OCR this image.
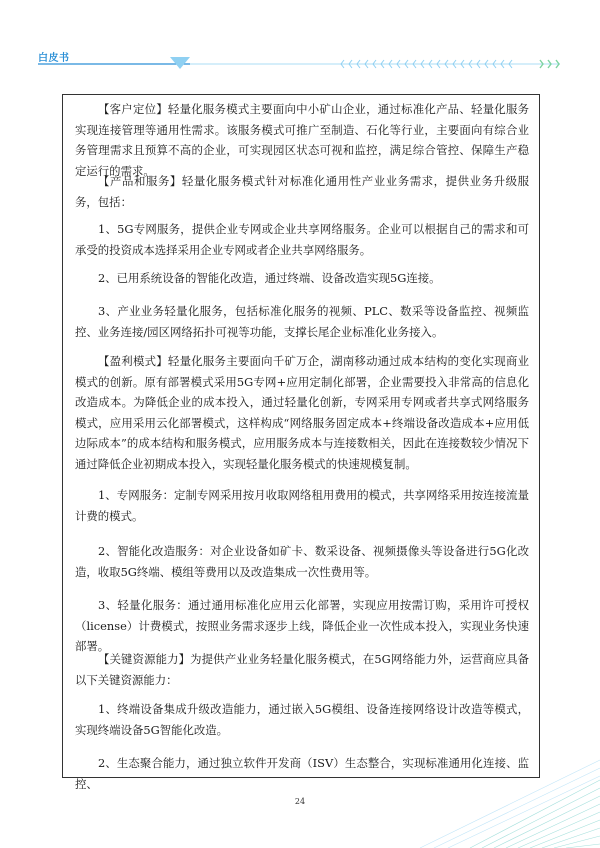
白皮书

【客户定位】轻量化服务模式主要面向中小矿山企业，通过标准化产品、轻量化服务实现连接管理等通用性需求。该服务模式可推广至制造、石化等行业，主要面向有综合业务管理需求且预算不高的企业，可实现园区状态可视和监控，满足综合管控、保障生产稳定运行的需求。

【产品和服务】轻量化服务模式针对标准化通用性产业业务需求，提供业务升级服务，包括：

1、5G专网服务，提供企业专网或企业共享网络服务。企业可以根据自己的需求和可承受的投资成本选择采用企业专网或者企业共享网络服务。

2、已用系统设备的智能化改造，通过终端、设备改造实现5G连接。

3、产业业务轻量化服务，包括标准化服务的视频、PLC、数采等设备监控、视频监控、业务连接/园区网络拓扑可视等功能，支撑长尾企业标准化业务接入。

【盈利模式】轻量化服务主要面向千矿万企，湖南移动通过成本结构的变化实现商业模式的创新。原有部署模式采用5G专网+应用定制化部署，企业需要投入非常高的信息化改造成本。为降低企业的成本投入，通过轻量化创新，专网采用专网或者共享式网络服务模式，应用采用云化部署模式，这样构成“网络服务固定成本+终端设备改造成本+应用低边际成本”的成本结构和服务模式，应用服务成本与连接数相关，因此在连接数较少情况下通过降低企业初期成本投入，实现轻量化服务模式的快速规模复制。

1、专网服务：定制专网采用按月收取网络租用费用的模式，共享网络采用按连接流量计费的模式。

2、智能化改造服务：对企业设备如矿卡、数采设备、视频摄像头等设备进行5G化改造，收取5G终端、模组等费用以及改造集成一次性费用等。

3、轻量化服务：通过通用标准化应用云化部署，实现应用按需订购，采用许可授权（license）计费模式，按照业务需求逐步上线，降低企业一次性成本投入，实现业务快速部署。

【关键资源能力】为提供产业业务轻量化服务模式，在5G网络能力外，运营商应具备以下关键资源能力：

1、终端设备集成升级改造能力，通过嵌入5G模组、设备连接网络设计改造等模式，实现终端设备5G智能化改造。

2、生态聚合能力，通过独立软件开发商（ISV）生态整合，实现标准通用化连接、监控、

24
